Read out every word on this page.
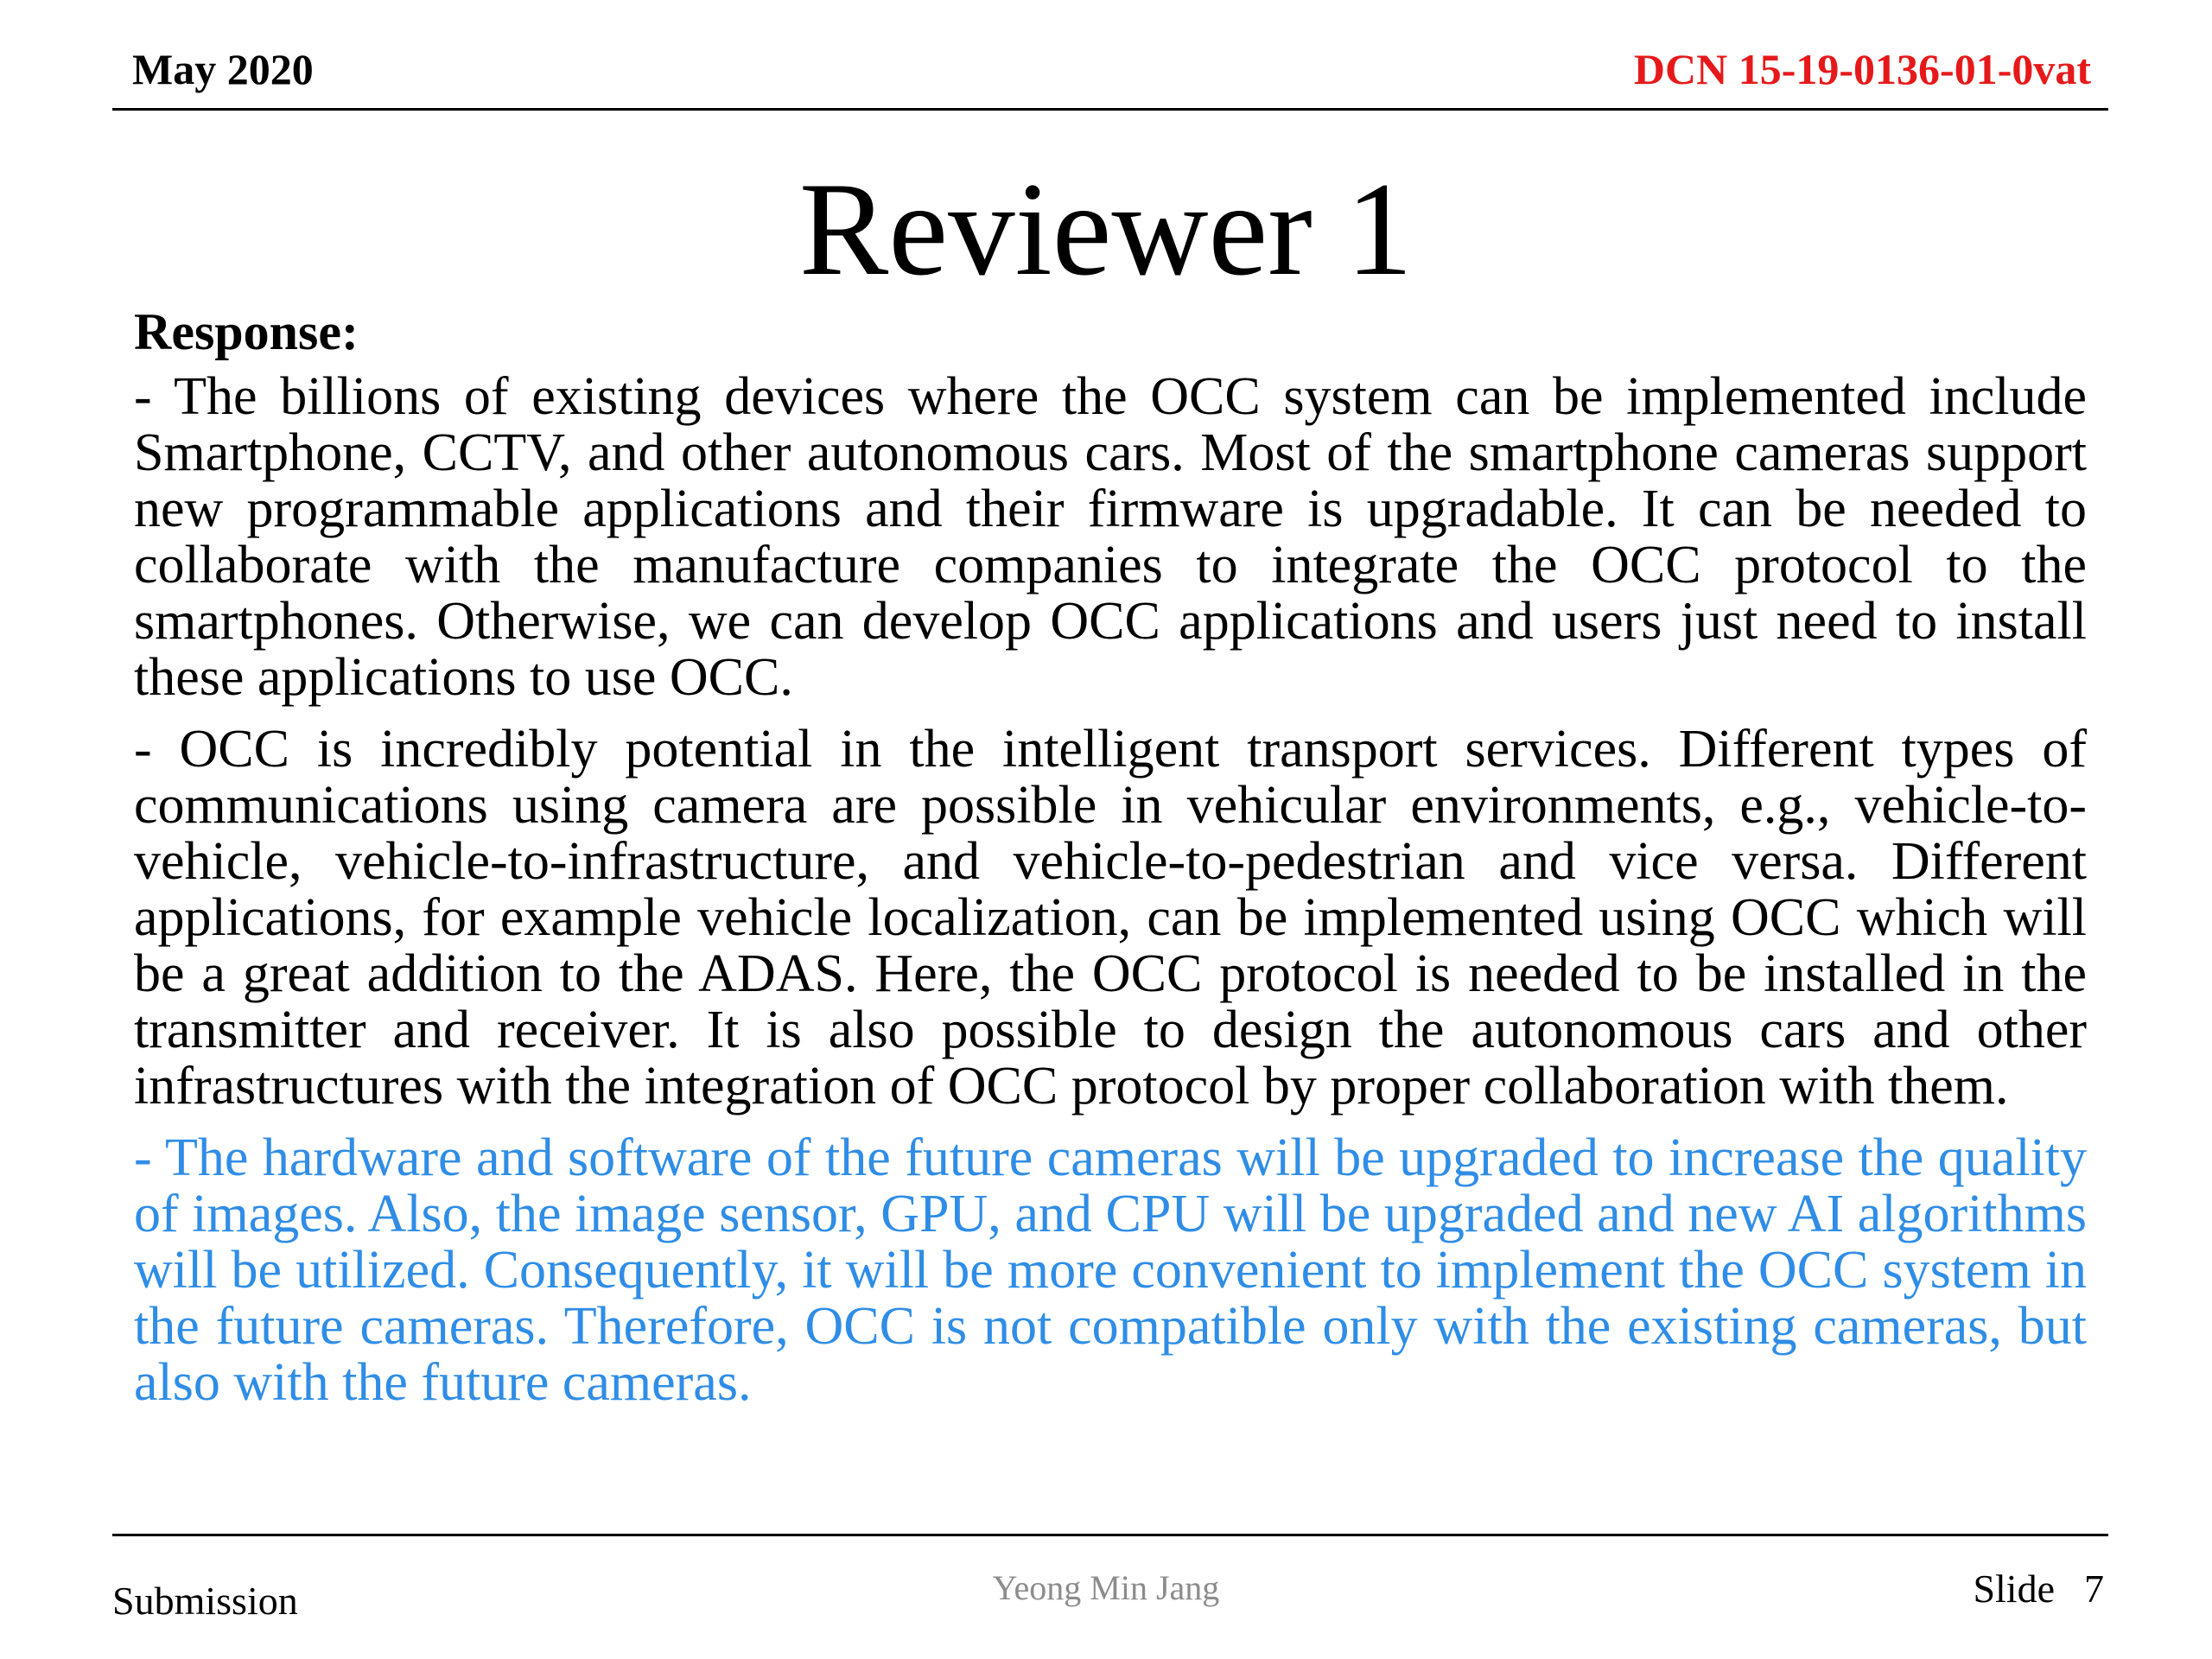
May 2020	DCN 15-19-0136-01-0vat
Reviewer 1
Response:

- The billions of existing devices where the OCC system can be implemented include Smartphone, CCTV, and other autonomous cars. Most of the smartphone cameras support new programmable applications and their firmware is upgradable. It can be needed to collaborate with the manufacture companies to integrate the OCC protocol to the smartphones. Otherwise, we can develop OCC applications and users just need to install these applications to use OCC.

- OCC is incredibly potential in the intelligent transport services. Different types of communications using camera are possible in vehicular environments, e.g., vehicle-to-vehicle, vehicle-to-infrastructure, and vehicle-to-pedestrian and vice versa. Different applications, for example vehicle localization, can be implemented using OCC which will be a great addition to the ADAS. Here, the OCC protocol is needed to be installed in the transmitter and receiver. It is also possible to design the autonomous cars and other infrastructures with the integration of OCC protocol by proper collaboration with them.

- The hardware and software of the future cameras will be upgraded to increase the quality of images. Also, the image sensor, GPU, and CPU will be upgraded and new AI algorithms will be utilized. Consequently, it will be more convenient to implement the OCC system in the future cameras. Therefore, OCC is not compatible only with the existing cameras, but also with the future cameras.

Submission	Yeong Min Jang	Slide 7
